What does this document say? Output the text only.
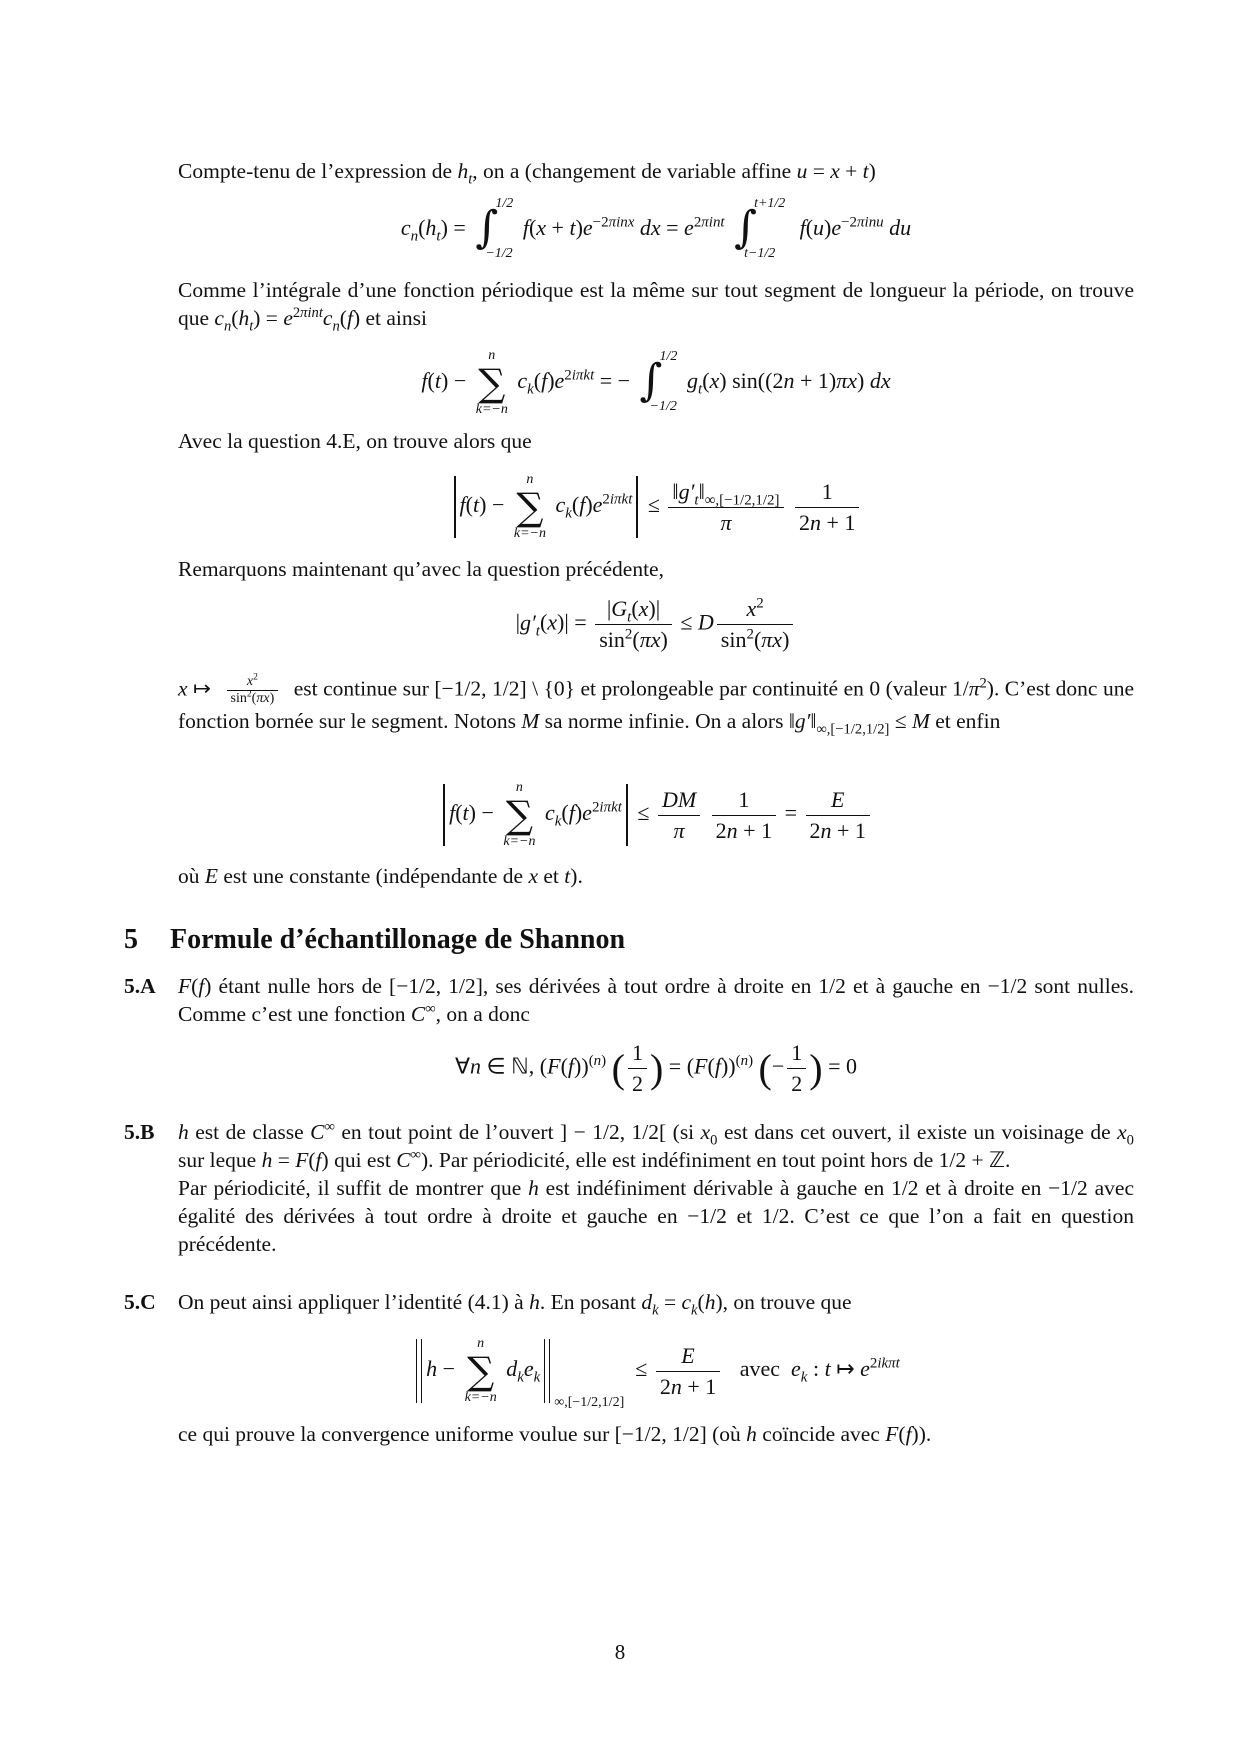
Compte-tenu de l’expression de $h_t$, on a (changement de variable affine u = x + t)

$c_n(h_t)$ = ∫
1/2
−1/2
$f(x + t)e^{-2\pi inx}$ dx = $e^{2\pi int}$ ∫
t+1/2
t−1/2
$f(u)e^{-2\pi inu}$ du

Comme l’intégrale d’une fonction périodique est la même sur tout segment de longueur la période, on trouve que $c_n(h_t) = e^{2\pi int}c_n(f)$ et ainsi

f(t) −
n
∑
k=−n
$c_k(f)e^{2i\pi kt}$ = − ∫
1/2
−1/2
$g_t(x) \sin((2n + 1)\pi x)$ dx

Avec la question 4.E, on trouve alors que

f(t) −
n
∑
k=−n
$c_k(f)e^{2i\pi kt} \le \frac{‖g'_t‖_{\infty,[-1/2,1/2]}}{\pi}$
$\frac{1}{2n + 1}$

Remarquons maintenant qu’avec la question précédente,

$|g'_t(x)| = \frac{|G_t(x)|}{\sin^2(\pi x)} \le D \frac{x^2}{\sin^2(\pi x)}$

x ↦ $\frac{x^2}{\sin^2(\pi x)}$ est continue sur [−1/2, 1/2] \ {0} et prolongeable par continuité en 0 (valeur $1/\pi^2$). C’est donc une fonction bornée sur le segment. Notons M sa norme infinie. On a alors $‖g'‖_{\infty,[-1/2,1/2]} \le M$ et enfin

f(t) −
n
∑
k=−n
$c_k(f)e^{2i\pi kt} \le \frac{DM}{\pi}$
$\frac{1}{2n + 1} = \frac{E}{2n + 1}$

où E est une constante (indépendante de x et t).

5 Formule d’échantillonage de Shannon
5.A F(f) étant nulle hors de [−1/2, 1/2], ses dérivées à tout ordre à droite en 1/2 et à gauche en −1/2 sont nulles. Comme c’est une fonction C∞, on a donc

∀n ∈ ℕ, $(F(f))^{(n)}$ ( $\frac{1}{2}$ ) = $(F(f))^{(n)}$ (− $\frac{1}{2}$ ) = 0
5.B h est de classe C∞ en tout point de l’ouvert ] − 1/2, 1/2[ (si $x_0$ est dans cet ouvert, il existe un voisinage de $x_0$ sur leque h = F(f) qui est C∞). Par périodicité, elle est indéfiniment en tout point hors de 1/2 + ℤ.
Par périodicité, il suffit de montrer que h est indéfiniment dérivable à gauche en 1/2 et à droite en −1/2 avec égalité des dérivées à tout ordre à droite et gauche en −1/2 et 1/2. C’est ce que l’on a fait en question précédente.

5.C On peut ainsi appliquer l’identité (4.1) à h. En posant $d_k = c_k(h)$, on trouve que

h −
n
∑
k=−n
$d_ke_{k\infty,[-1/2,1/2]} \le \frac{E}{2n + 1}$ avec  $e_k$ : t ↦ $e^{2ik\pi t}$

ce qui prouve la convergence uniforme voulue sur [−1/2, 1/2] (où h coïncide avec F(f)).

8
